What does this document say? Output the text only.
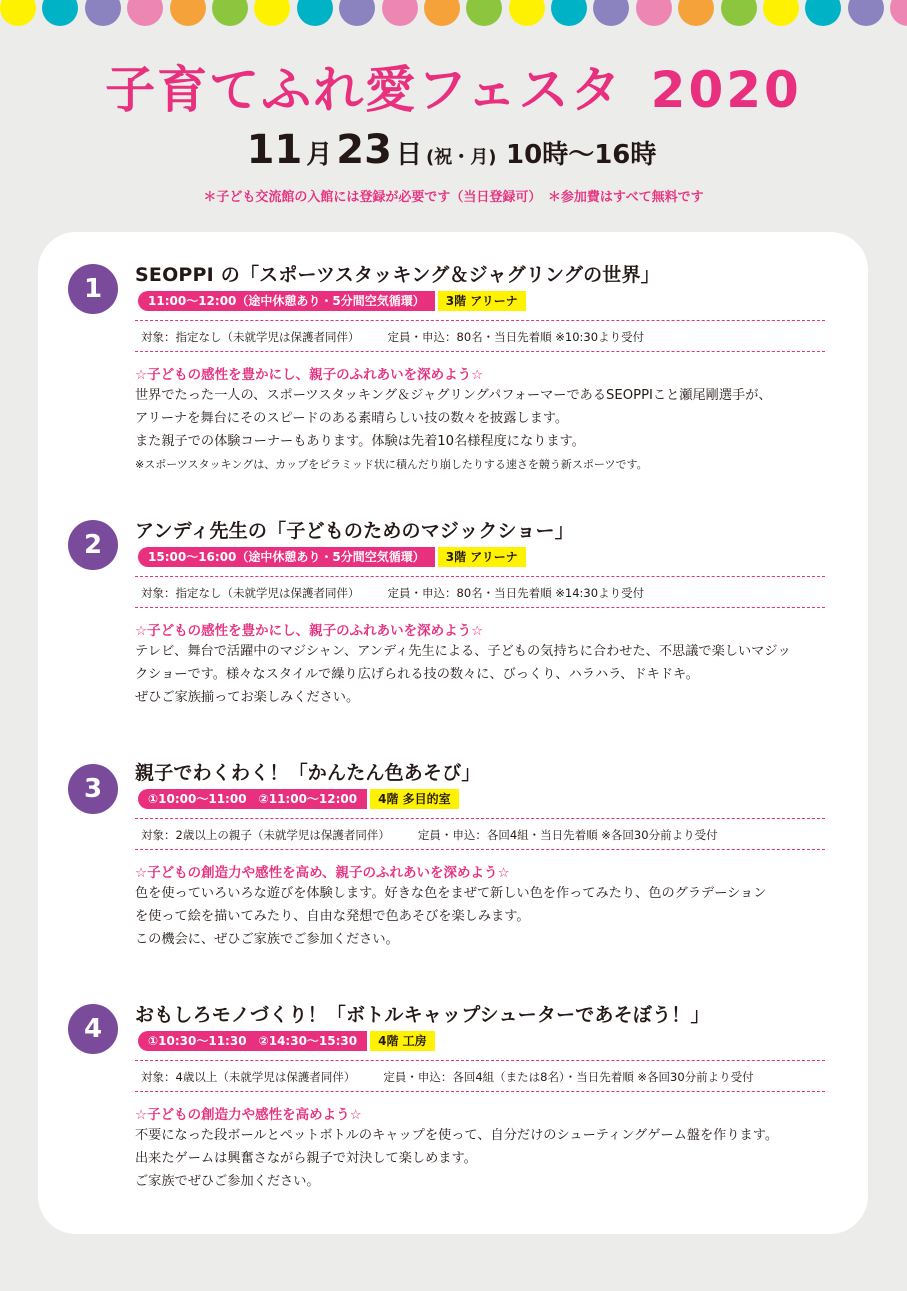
子育てふれ愛フェスタ 2020
11 月 23 日 (祝・月) 10時〜16時
＊子ども交流館の入館には登録が必要です（当日登録可）　＊参加費はすべて無料です
1	SEOPPI の「スポーツスタッキング＆ジャグリングの世界」
11:00〜12:00（途中休憩あり・5分間空気循環）	3階 アリーナ
対象：指定なし（未就学児は保護者同伴） 定員・申込：80名・当日先着順 ※10:30より受付
☆子どもの感性を豊かにし、親子のふれあいを深めよう☆
世界でたった一人の、スポーツスタッキング＆ジャグリングパフォーマーであるSEOPPIこと瀬尾剛選手が、
アリーナを舞台にそのスピードのある素晴らしい技の数々を披露します。
また親子での体験コーナーもあります。体験は先着10名様程度になります。
※スポーツスタッキングは、カップをピラミッド状に積んだり崩したりする速さを競う新スポーツです。
2	アンディ先生の「子どものためのマジックショー」
15:00〜16:00（途中休憩あり・5分間空気循環）	3階 アリーナ
対象：指定なし（未就学児は保護者同伴） 定員・申込：80名・当日先着順 ※14:30より受付
☆子どもの感性を豊かにし、親子のふれあいを深めよう☆
テレビ、舞台で活躍中のマジシャン、アンディ先生による、子どもの気持ちに合わせた、不思議で楽しいマジッ
クショーです。様々なスタイルで繰り広げられる技の数々に、びっくり、ハラハラ、ドキドキ。
ぜひご家族揃ってお楽しみください。
3
親子でわくわく！「かんたん色あそび」
①10:00〜11:00　②11:00〜12:00	4階 多目的室
対象：2歳以上の親子（未就学児は保護者同伴） 定員・申込：各回4組・当日先着順 ※各回30分前より受付
☆子どもの創造力や感性を高め、親子のふれあいを深めよう☆
色を使っていろいろな遊びを体験します。好きな色をまぜて新しい色を作ってみたり、色のグラデーション
を使って絵を描いてみたり、自由な発想で色あそびを楽しみます。
この機会に、ぜひご家族でご参加ください。
4	おもしろモノづくり！「ボトルキャップシューターであそぼう！」
①10:30〜11:30　②14:30〜15:30	4階 工房
対象：4歳以上（未就学児は保護者同伴） 定員・申込：各回4組（または8名）・当日先着順 ※各回30分前より受付
☆子どもの創造力や感性を高めよう☆
不要になった段ボールとペットボトルのキャップを使って、自分だけのシューティングゲーム盤を作ります。
出来たゲームは興奮さながら親子で対決して楽しめます。
ご家族でぜひご参加ください。
